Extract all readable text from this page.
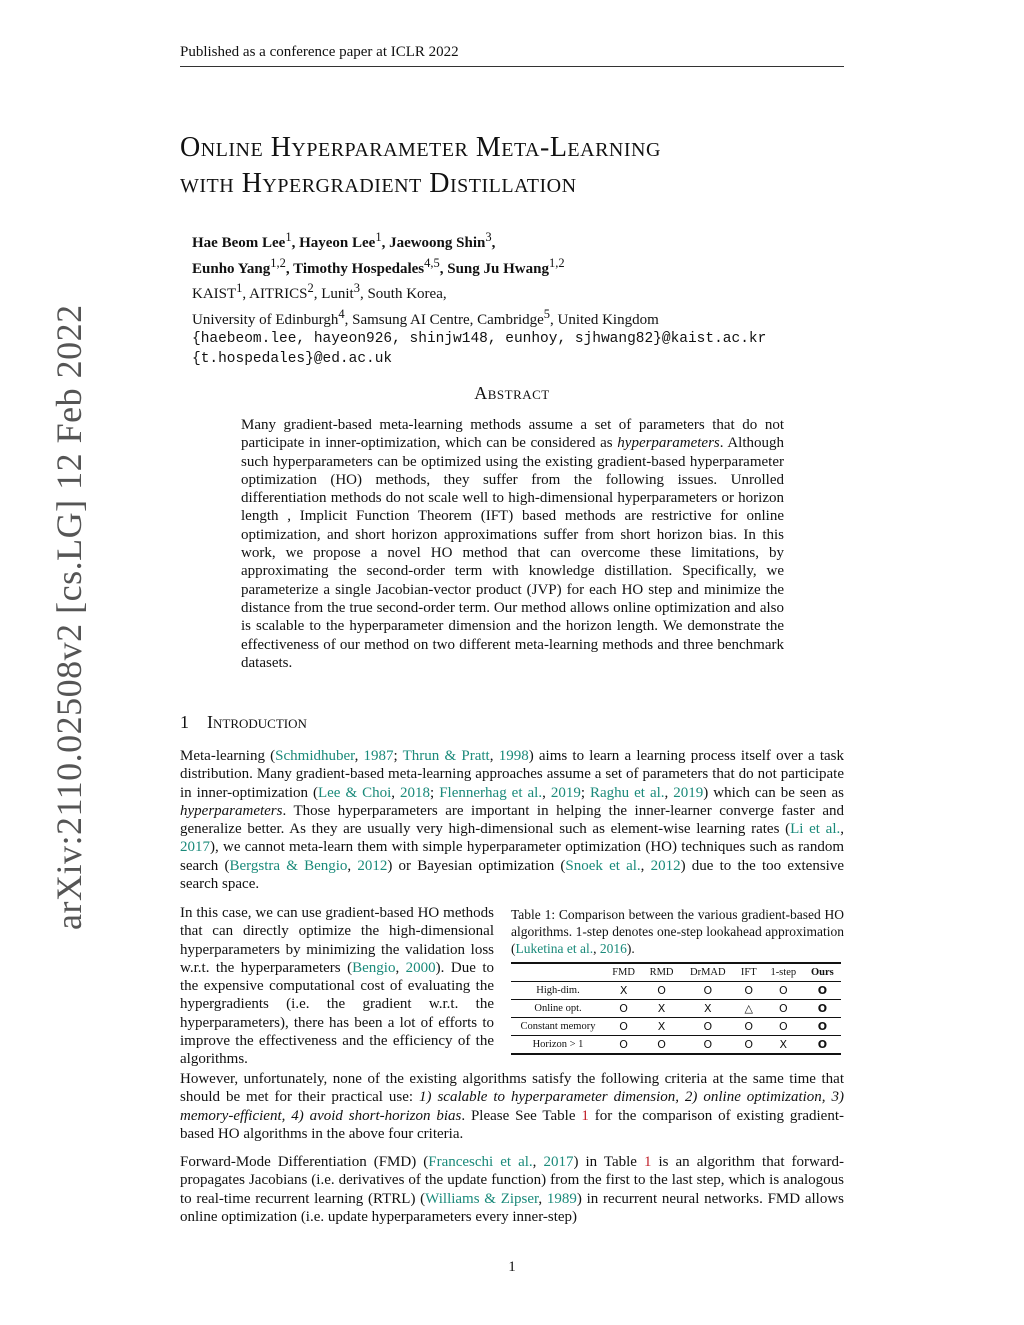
Published as a conference paper at ICLR 2022
arXiv:2110.02508v2 [cs.LG] 12 Feb 2022
Online Hyperparameter Meta-Learning
with Hypergradient Distillation
Hae Beom Lee$^1$, Hayeon Lee$^1$, Jaewoong Shin$^3$,
Eunho Yang$^{1,2}$, Timothy Hospedales$^{4,5}$, Sung Ju Hwang$^{1,2}$
KAIST$^1$, AITRICS$^2$, Lunit$^3$, South Korea,
University of Edinburgh$^4$, Samsung AI Centre, Cambridge$^5$, United Kingdom
{haebeom.lee, hayeon926, shinjw148, eunhoy, sjhwang82}@kaist.ac.kr
{t.hospedales}@ed.ac.uk
Abstract
Many gradient-based meta-learning methods assume a set of parameters that do not participate in inner-optimization, which can be considered as hyperparameters. Although such hyperparameters can be optimized using the existing gradient-based hyperparameter optimization (HO) methods, they suffer from the following issues. Unrolled differentiation methods do not scale well to high-dimensional hyperparameters or horizon length , Implicit Function Theorem (IFT) based methods are restrictive for online optimization, and short horizon approximations suffer from short horizon bias. In this work, we propose a novel HO method that can overcome these limitations, by approximating the second-order term with knowledge distillation. Specifically, we parameterize a single Jacobian-vector product (JVP) for each HO step and minimize the distance from the true second-order term. Our method allows online optimization and also is scalable to the hyperparameter dimension and the horizon length. We demonstrate the effectiveness of our method on two different meta-learning methods and three benchmark datasets.
1 Introduction
Meta-learning (Schmidhuber, 1987; Thrun & Pratt, 1998) aims to learn a learning process itself over a task distribution. Many gradient-based meta-learning approaches assume a set of parameters that do not participate in inner-optimization (Lee & Choi, 2018; Flennerhag et al., 2019; Raghu et al., 2019) which can be seen as hyperparameters. Those hyperparameters are important in helping the inner-learner converge faster and generalize better. As they are usually very high-dimensional such as element-wise learning rates (Li et al., 2017), we cannot meta-learn them with simple hyperparameter optimization (HO) techniques such as random search (Bergstra & Bengio, 2012) or Bayesian optimization (Snoek et al., 2012) due to the too extensive search space.
In this case, we can use gradient-based HO methods that can directly optimize the high-dimensional hyperparameters by minimizing the validation loss w.r.t. the hyperparameters (Bengio, 2000). Due to the expensive computational cost of evaluating the hypergradients (i.e. the gradient w.r.t. the hyperparameters), there has been a lot of efforts to improve the effectiveness and the efficiency of the algorithms.
Table 1: Comparison between the various gradient-based HO algorithms. 1-step denotes one-step lookahead approximation (Luketina et al., 2016).
	FMD	RMD	DrMAD	IFT	1-step	Ours
High-dim.	X	O	O	O	O	O
Online opt.	O	X	X	△	O	O
Constant memory	O	X	O	O	O	O
Horizon > 1	O	O	O	O	X	O
However, unfortunately, none of the existing algorithms satisfy the following criteria at the same time that should be met for their practical use: 1) scalable to hyperparameter dimension, 2) online optimization, 3) memory-efficient, 4) avoid short-horizon bias. Please See Table 1 for the comparison of existing gradient-based HO algorithms in the above four criteria.
Forward-Mode Differentiation (FMD) (Franceschi et al., 2017) in Table 1 is an algorithm that forward-propagates Jacobians (i.e. derivatives of the update function) from the first to the last step, which is analogous to real-time recurrent learning (RTRL) (Williams & Zipser, 1989) in recurrent neural networks. FMD allows online optimization (i.e. update hyperparameters every inner-step)
1
